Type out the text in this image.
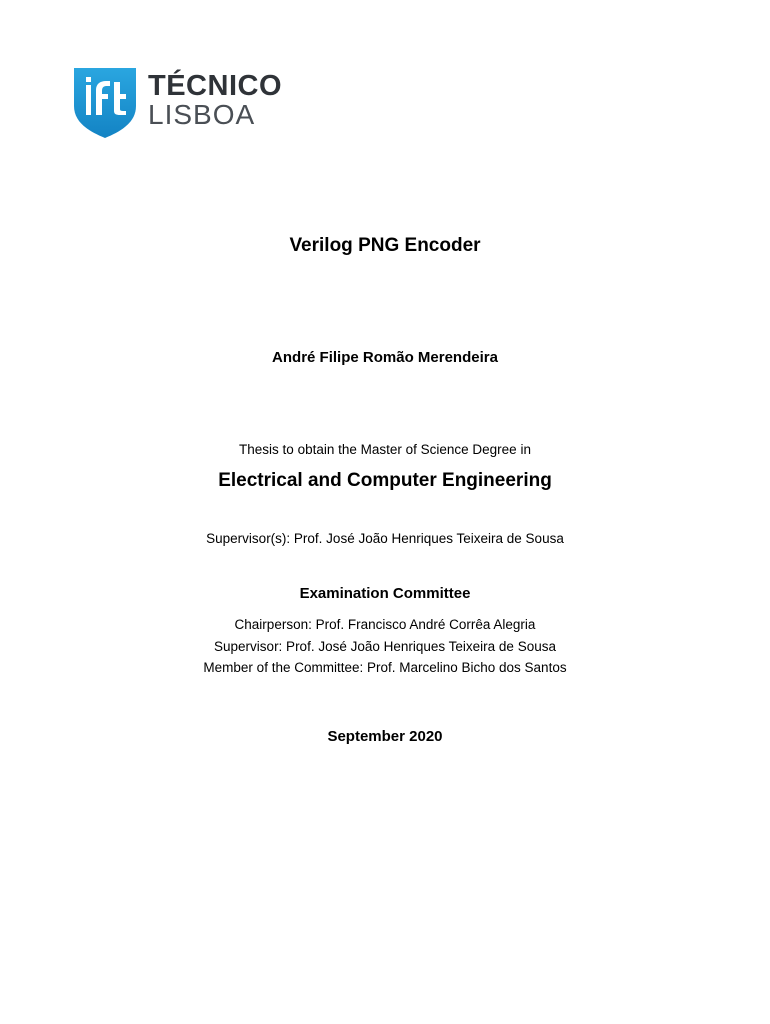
TÉCNICO
LISBOA
Verilog PNG Encoder
André Filipe Romão Merendeira
Thesis to obtain the Master of Science Degree in
Electrical and Computer Engineering
Supervisor(s): Prof. José João Henriques Teixeira de Sousa
Examination Committee
Chairperson: Prof. Francisco André Corrêa Alegria
Supervisor: Prof. José João Henriques Teixeira de Sousa
Member of the Committee: Prof. Marcelino Bicho dos Santos
September 2020
